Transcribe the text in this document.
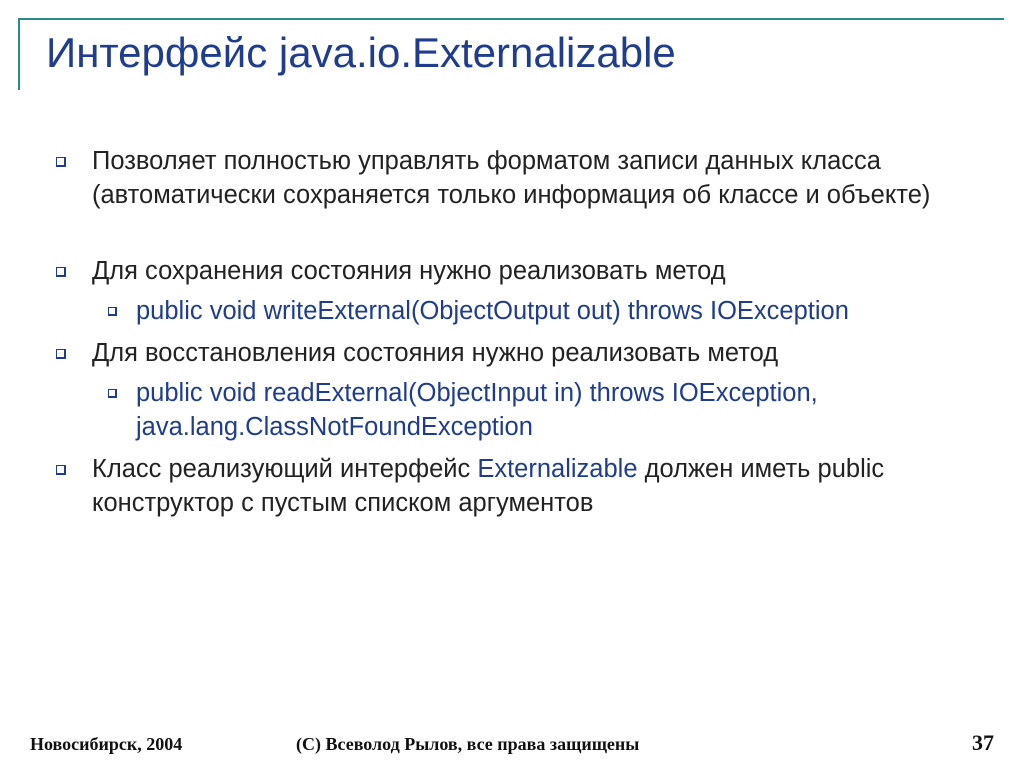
Интерфейс java.io.Externalizable
Позволяет полностью управлять форматом записи данных класса (автоматически сохраняется только информация об классе и объекте)
Для сохранения состояния нужно реализовать метод
public void writeExternal(ObjectOutput out) throws IOException
Для восстановления состояния нужно реализовать метод
public void readExternal(ObjectInput in) throws IOException, java.lang.ClassNotFoundException
Класс реализующий интерфейс Externalizable должен иметь public конструктор с пустым списком аргументов
Новосибирск, 2004	(C) Всеволод Рылов, все права защищены	37
